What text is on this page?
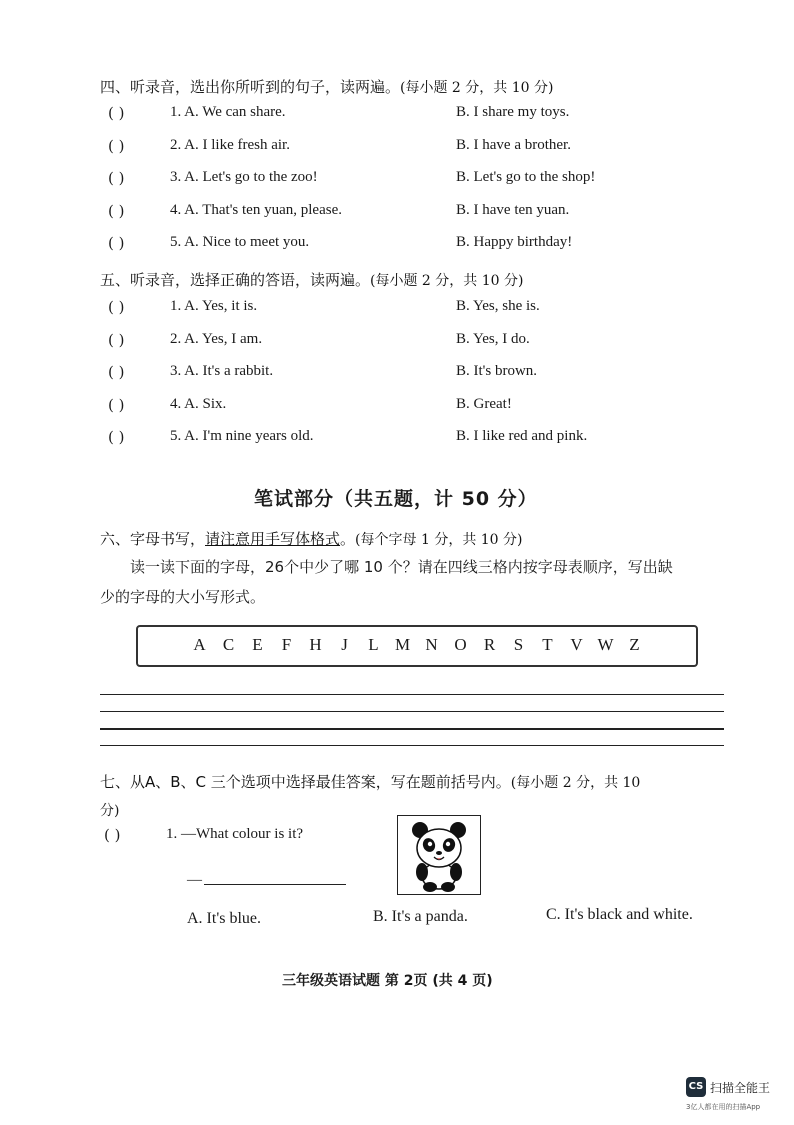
四、听录音，选出你所听到的句子，读两遍。(每小题 2 分，共 10 分)
( )	1. A. We can share.	B. I share my toys.
( )	2. A. I like fresh air.	B. I have a brother.
( )	3. A. Let's go to the zoo!	B. Let's go to the shop!
( )	4. A. That's ten yuan, please.	B. I have ten yuan.
( )	5. A. Nice to meet you.	B. Happy birthday!
五、听录音，选择正确的答语，读两遍。(每小题 2 分，共 10 分)
( )	1. A. Yes, it is.	B. Yes, she is.
( )	2. A. Yes, I am.	B. Yes, I do.
( )	3. A. It's a rabbit.	B. It's brown.
( )	4. A. Six.	B. Great!
( )	5. A. I'm nine years old.	B. I like red and pink.
笔试部分（共五题，计 50 分）
六、字母书写，请注意用手写体格式。(每个字母 1 分，共 10 分)
读一读下面的字母，26个中少了哪 10 个？请在四线三格内按字母表顺序，写出缺
少的字母的大小写形式。
A	C	E	F	H	J	L M N O	R	S	T	V W Z
七、从A、B、C 三个选项中选择最佳答案，写在题前括号内。(每小题 2 分，共 10
分)
( )	1. —What colour is it?
—
A. It's blue.	B. It's a panda.	C. It's black and white.
三年级英语试题 第 2页 (共 4 页)
CS 扫描全能王
3亿人都在用的扫描App
